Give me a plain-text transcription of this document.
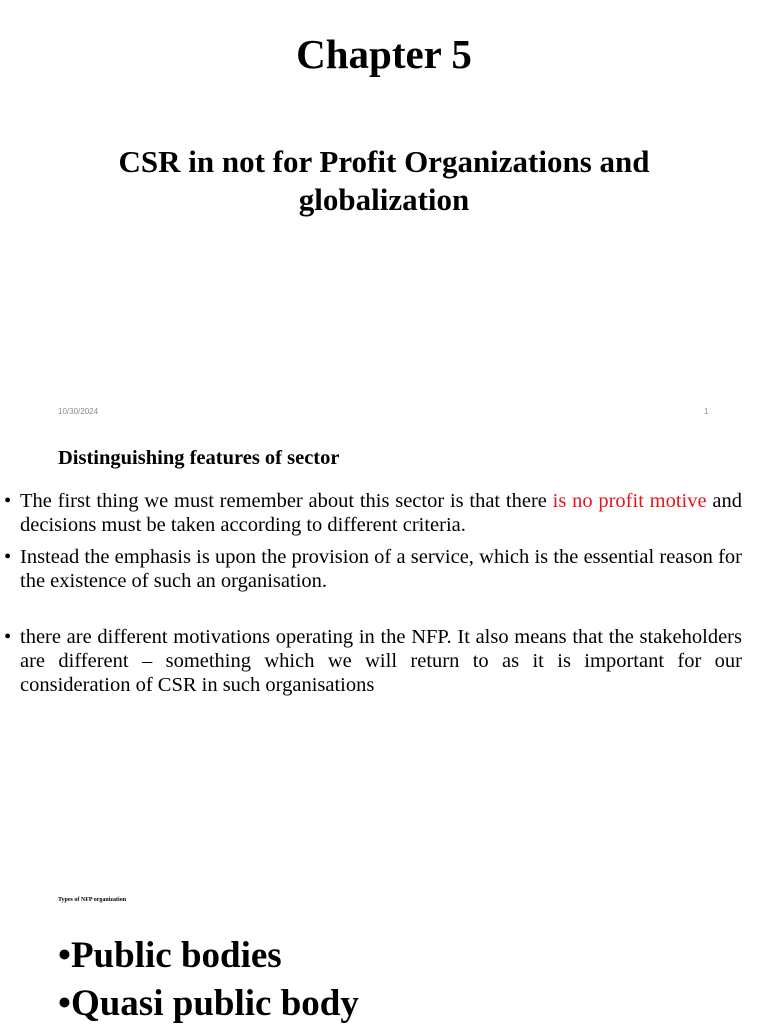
Chapter 5
CSR in not for Profit Organizations and globalization
10/30/2024	1
Distinguishing features of sector
• The first thing we must remember about this sector is that there is no profit motive and decisions must be taken according to different criteria.
• Instead the emphasis is upon the provision of a service, which is the essential reason for the existence of such an organisation.
• there are different motivations operating in the NFP. It also means that the stakeholders are different – something which we will return to as it is important for our consideration of CSR in such organisations
Types of NFP organization
•Public bodies
•Quasi public body
